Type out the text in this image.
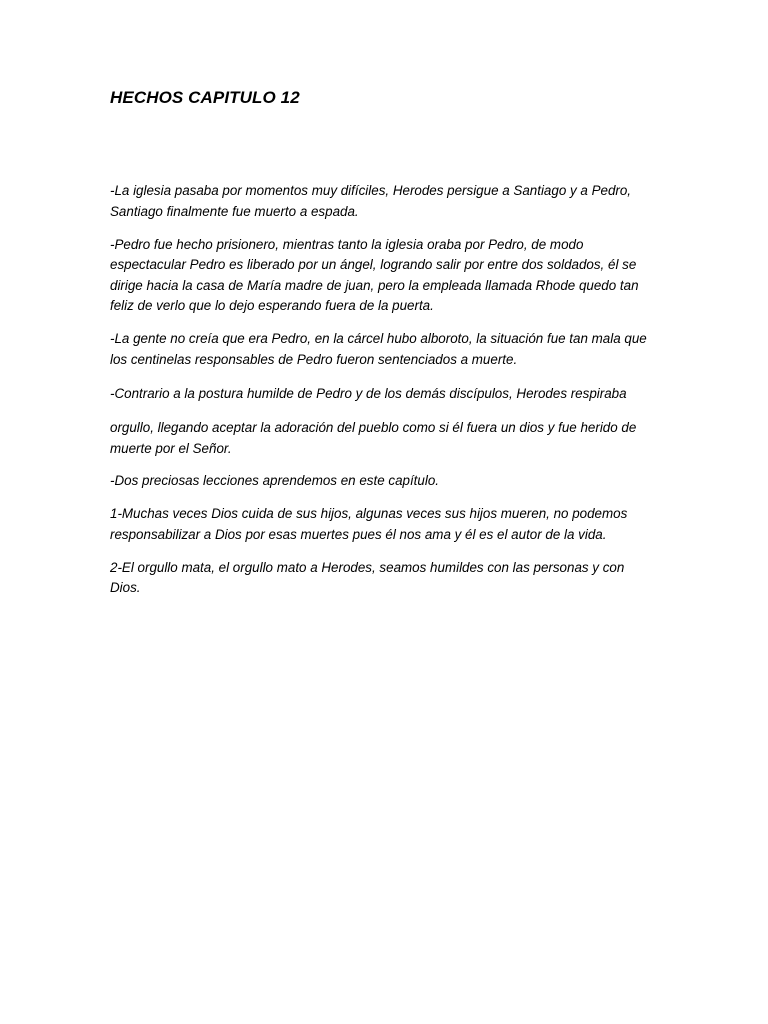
HECHOS CAPITULO 12

-La iglesia pasaba por momentos muy difíciles, Herodes persigue a Santiago y a Pedro, Santiago finalmente fue muerto a espada.

-Pedro fue hecho prisionero, mientras tanto la iglesia oraba por Pedro, de modo espectacular Pedro es liberado por un ángel, logrando salir por entre dos soldados, él se dirige hacia la casa de María madre de juan, pero la empleada llamada Rhode quedo tan feliz de verlo que lo dejo esperando fuera de la puerta.

-La gente no creía que era Pedro, en la cárcel hubo alboroto, la situación fue tan mala que los centinelas responsables de Pedro fueron sentenciados a muerte.

-Contrario a la postura humilde de Pedro y de los demás discípulos, Herodes respiraba
orgullo, llegando aceptar la adoración del pueblo como si él fuera un dios y fue herido de muerte por el Señor.

-Dos preciosas lecciones aprendemos en este capítulo.

1-Muchas veces Dios cuida de sus hijos, algunas veces sus hijos mueren, no podemos responsabilizar a Dios por esas muertes pues él nos ama y él es el autor de la vida.

2-El orgullo mata, el orgullo mato a Herodes, seamos humildes con las personas y con Dios.
